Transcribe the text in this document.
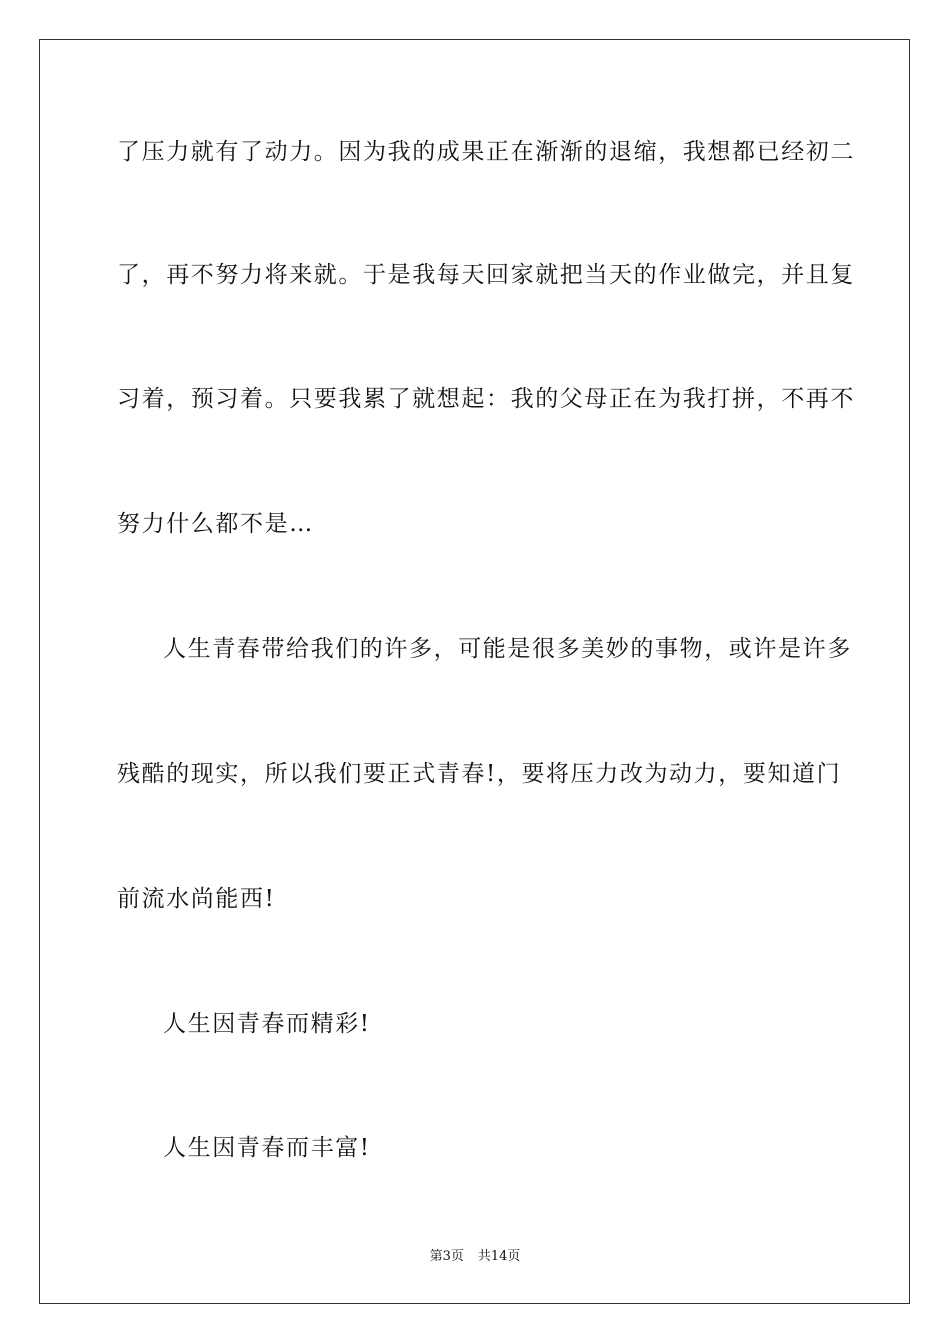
了压力就有了动力。因为我的成果正在渐渐的退缩，我想都已经初二
了，再不努力将来就。于是我每天回家就把当天的作业做完，并且复
习着，预习着。只要我累了就想起：我的父母正在为我打拼，不再不
努力什么都不是…
人生青春带给我们的许多，可能是很多美妙的事物，或许是许多
残酷的现实，所以我们要正式青春!，要将压力改为动力，要知道门
前流水尚能西!
人生因青春而精彩!
人生因青春而丰富!
第3页 共14页
